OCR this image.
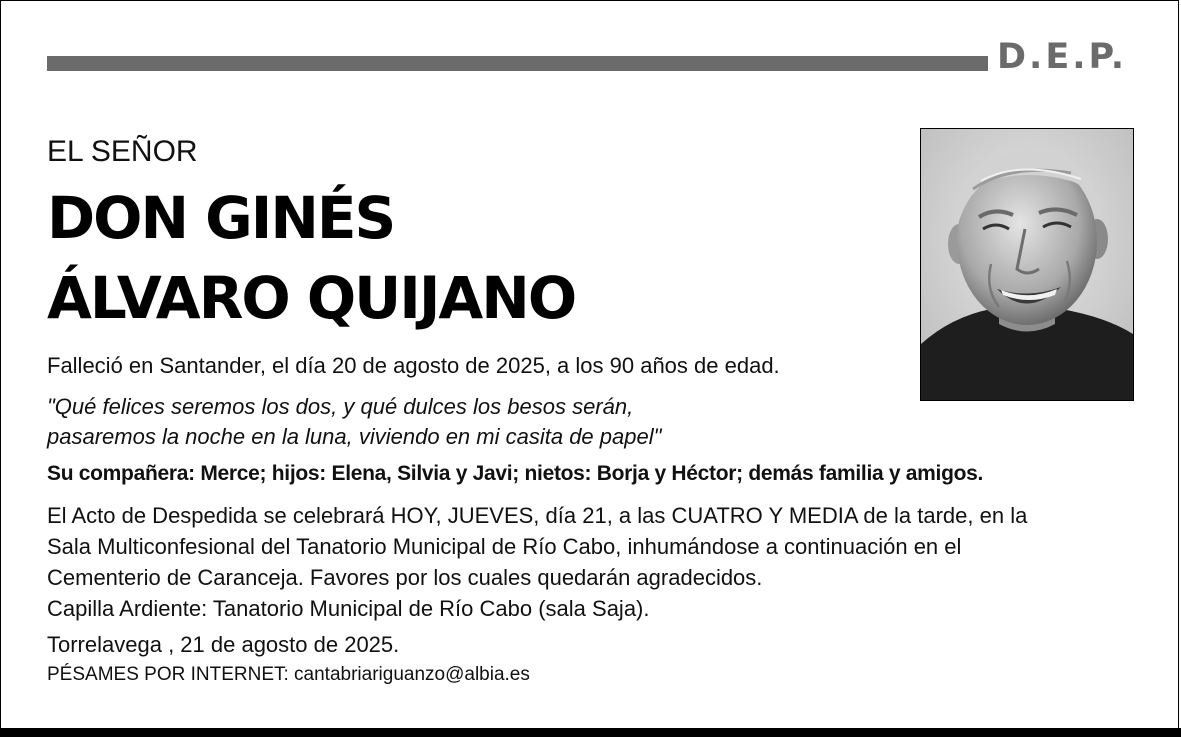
D.E.P.
EL SEÑOR
DON GINÉS
ÁLVARO QUIJANO
Falleció en Santander, el día 20 de agosto de 2025, a los 90 años de edad.
"Qué felices seremos los dos, y qué dulces los besos serán,
pasaremos la noche en la luna, viviendo en mi casita de papel"
Su compañera: Merce; hijos: Elena, Silvia y Javi; nietos: Borja y Héctor; demás familia y amigos.
El Acto de Despedida se celebrará HOY, JUEVES, día 21, a las CUATRO Y MEDIA de la tarde, en la
Sala Multiconfesional del Tanatorio Municipal de Río Cabo, inhumándose a continuación en el
Cementerio de Caranceja. Favores por los cuales quedarán agradecidos.
Capilla Ardiente: Tanatorio Municipal de Río Cabo (sala Saja).
Torrelavega , 21 de agosto de 2025.
PÉSAMES POR INTERNET: cantabriariguanzo@albia.es
